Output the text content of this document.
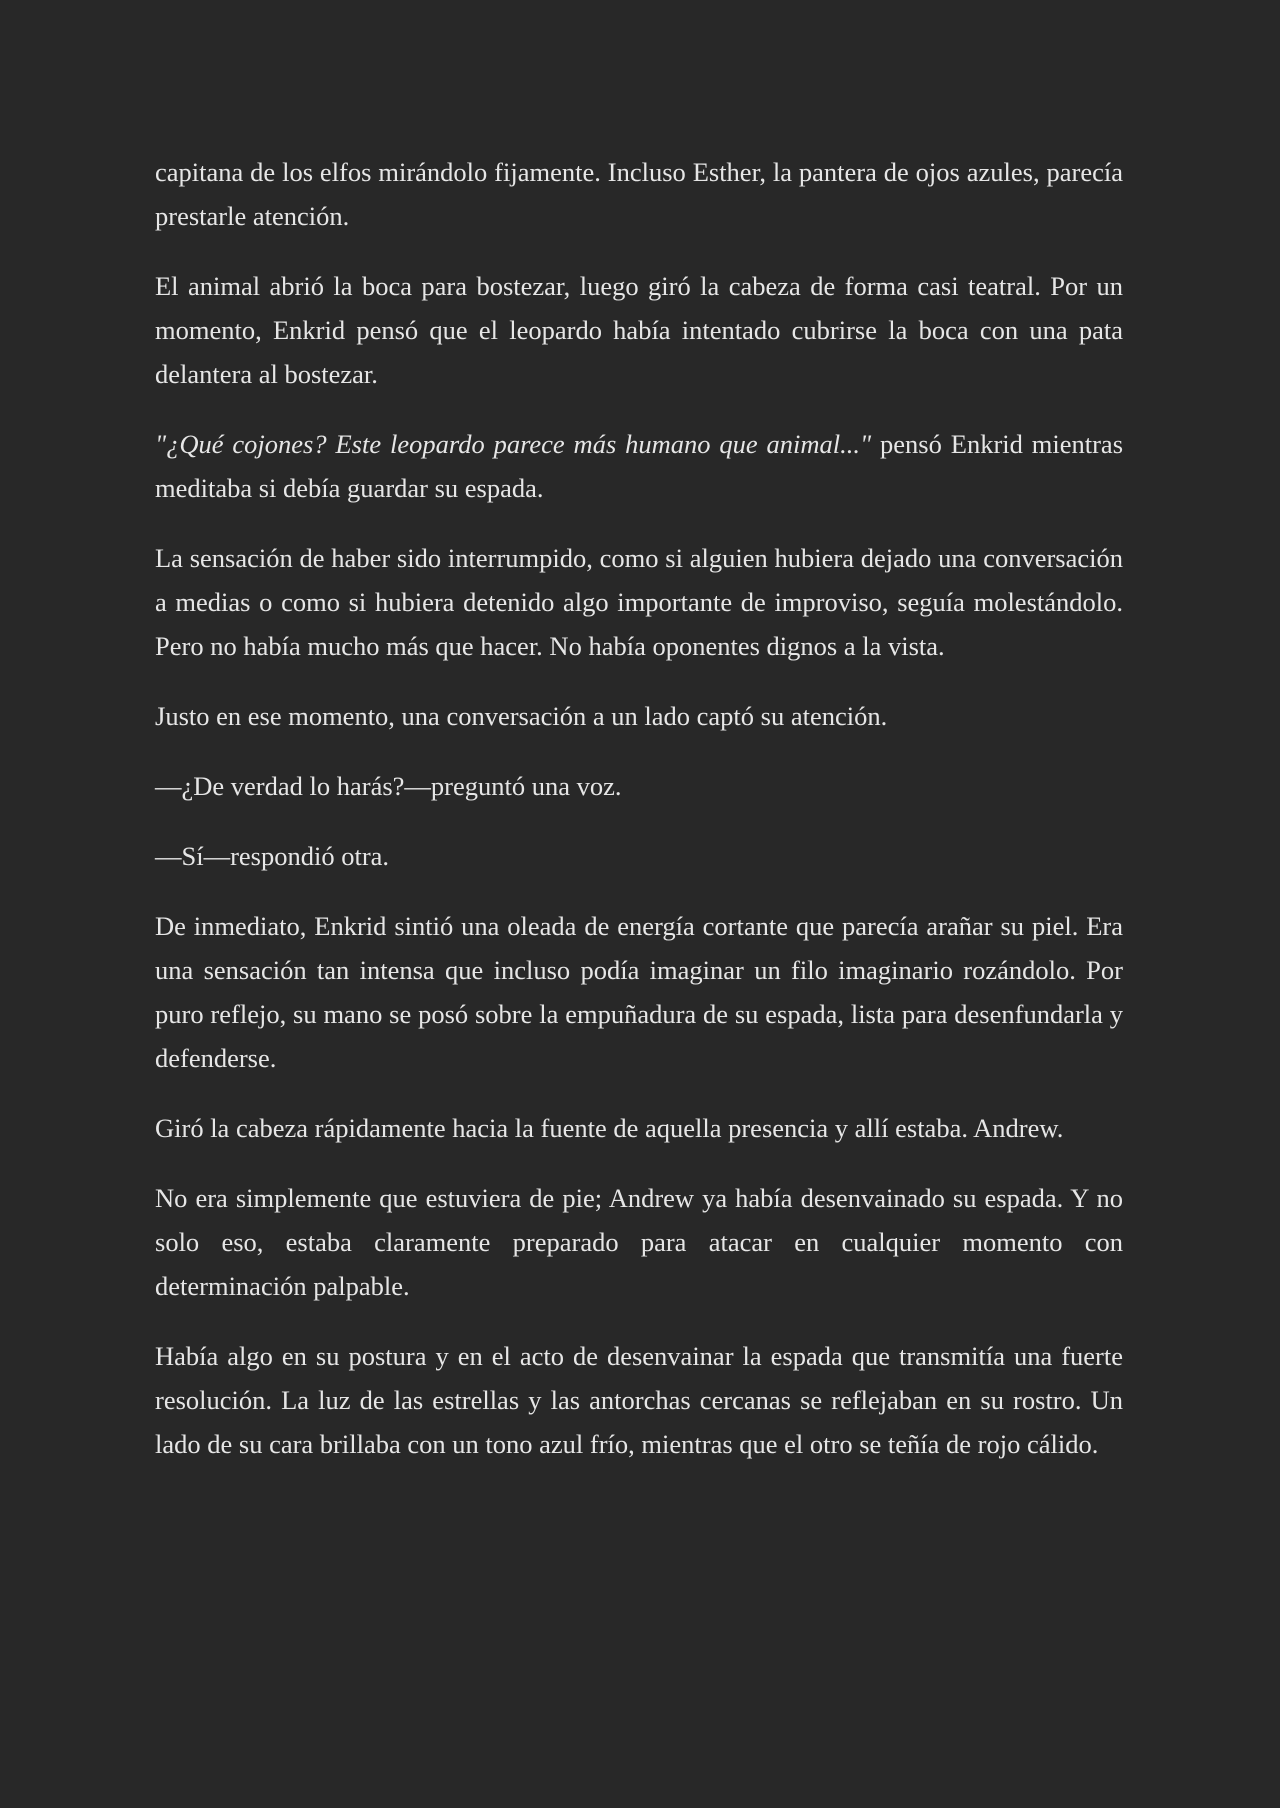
capitana de los elfos mirándolo fijamente. Incluso Esther, la pantera de ojos azules, parecía prestarle atención.

El animal abrió la boca para bostezar, luego giró la cabeza de forma casi teatral. Por un momento, Enkrid pensó que el leopardo había intentado cubrirse la boca con una pata delantera al bostezar.

"¿Qué cojones? Este leopardo parece más humano que animal..." pensó Enkrid mientras meditaba si debía guardar su espada.

La sensación de haber sido interrumpido, como si alguien hubiera dejado una conversación a medias o como si hubiera detenido algo importante de improviso, seguía molestándolo. Pero no había mucho más que hacer. No había oponentes dignos a la vista.

Justo en ese momento, una conversación a un lado captó su atención.

—¿De verdad lo harás?—preguntó una voz.

—Sí—respondió otra.

De inmediato, Enkrid sintió una oleada de energía cortante que parecía arañar su piel. Era una sensación tan intensa que incluso podía imaginar un filo imaginario rozándolo. Por puro reflejo, su mano se posó sobre la empuñadura de su espada, lista para desenfundarla y defenderse.

Giró la cabeza rápidamente hacia la fuente de aquella presencia y allí estaba. Andrew.

No era simplemente que estuviera de pie; Andrew ya había desenvainado su espada. Y no solo eso, estaba claramente preparado para atacar en cualquier momento con determinación palpable.

Había algo en su postura y en el acto de desenvainar la espada que transmitía una fuerte resolución. La luz de las estrellas y las antorchas cercanas se reflejaban en su rostro. Un lado de su cara brillaba con un tono azul frío, mientras que el otro se teñía de rojo cálido.
